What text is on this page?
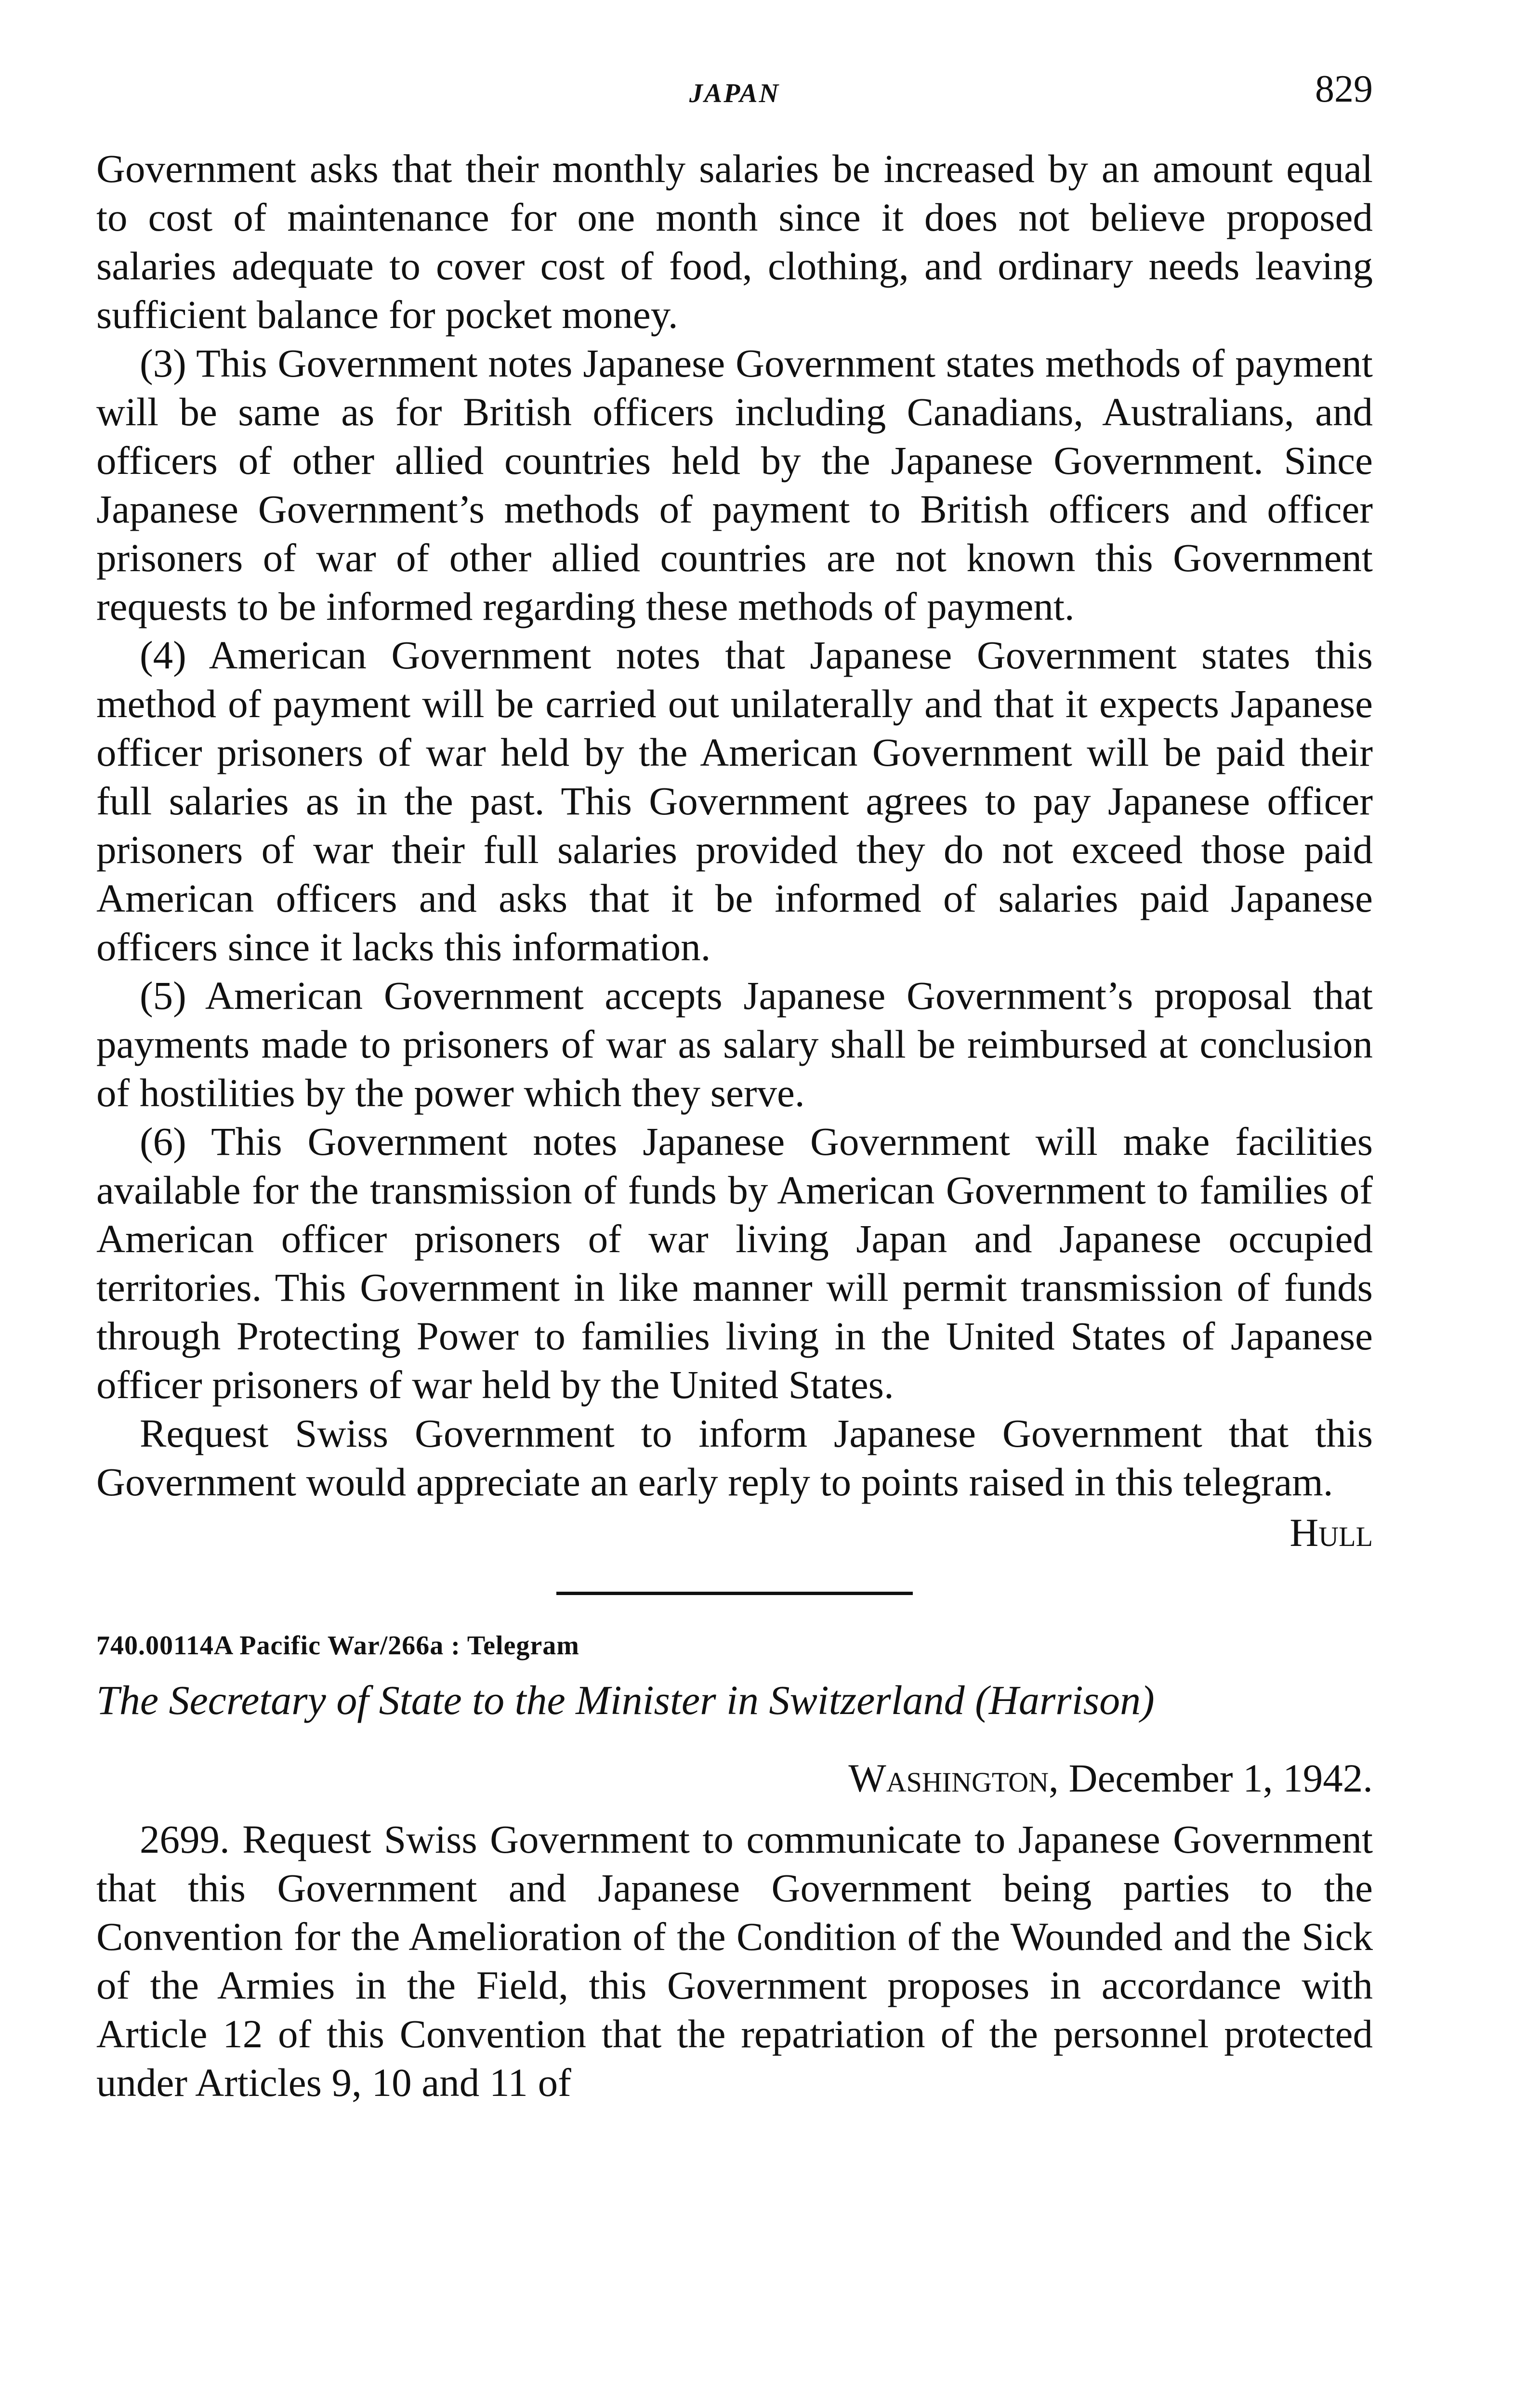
JAPAN	829

Government asks that their monthly salaries be increased by an amount equal to cost of maintenance for one month since it does not believe proposed salaries adequate to cover cost of food, clothing, and ordinary needs leaving sufficient balance for pocket money.

(3) This Government notes Japanese Government states methods of payment will be same as for British officers including Canadians, Australians, and officers of other allied countries held by the Japanese Government. Since Japanese Government’s methods of payment to British officers and officer prisoners of war of other allied countries are not known this Government requests to be informed regarding these methods of payment.

(4) American Government notes that Japanese Government states this method of payment will be carried out unilaterally and that it expects Japanese officer prisoners of war held by the American Government will be paid their full salaries as in the past. This Government agrees to pay Japanese officer prisoners of war their full salaries provided they do not exceed those paid American officers and asks that it be informed of salaries paid Japanese officers since it lacks this information.

(5) American Government accepts Japanese Government’s proposal that payments made to prisoners of war as salary shall be reimbursed at conclusion of hostilities by the power which they serve.

(6) This Government notes Japanese Government will make facilities available for the transmission of funds by American Government to families of American officer prisoners of war living Japan and Japanese occupied territories. This Government in like manner will permit transmission of funds through Protecting Power to families living in the United States of Japanese officer prisoners of war held by the United States.

Request Swiss Government to inform Japanese Government that this Government would appreciate an early reply to points raised in this telegram.

Hull

740.00114A Pacific War/266a : Telegram

The Secretary of State to the Minister in Switzerland (Harrison)

Washington, December 1, 1942.

2699. Request Swiss Government to communicate to Japanese Government that this Government and Japanese Government being parties to the Convention for the Amelioration of the Condition of the Wounded and the Sick of the Armies in the Field, this Government proposes in accordance with Article 12 of this Convention that the repatriation of the personnel protected under Articles 9, 10 and 11 of
